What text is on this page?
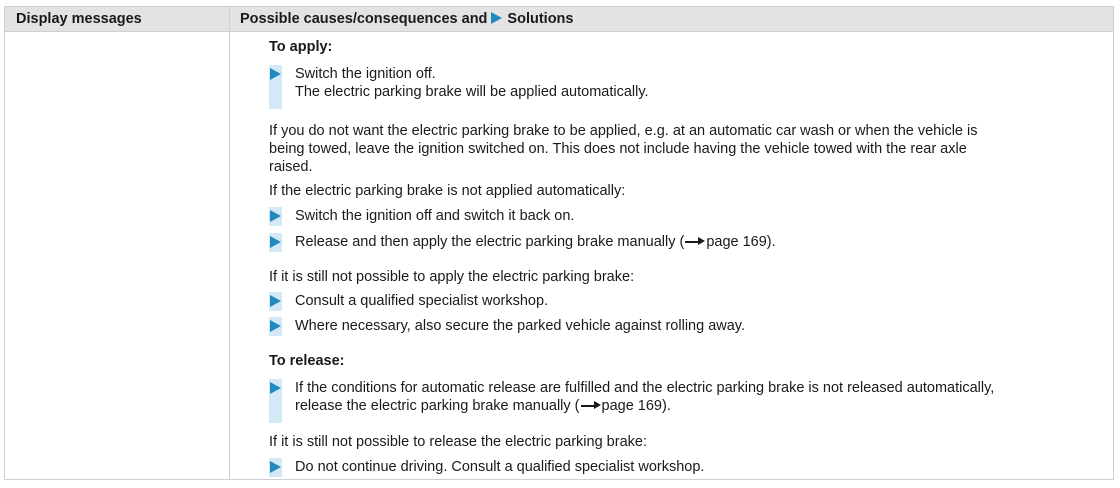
Display messages	Possible causes/consequences and Solutions
To apply:
Switch the ignition off.
The electric parking brake will be applied automatically.
If you do not want the electric parking brake to be applied, e.g. at an automatic car wash or when the vehicle is
being towed, leave the ignition switched on. This does not include having the vehicle towed with the rear axle
raised.
If the electric parking brake is not applied automatically:
Switch the ignition off and switch it back on.
Release and then apply the electric parking brake manually ( page 169).
If it is still not possible to apply the electric parking brake:
Consult a qualified specialist workshop.
Where necessary, also secure the parked vehicle against rolling away.
To release:
If the conditions for automatic release are fulfilled and the electric parking brake is not released automatically,
release the electric parking brake manually ( page 169).
If it is still not possible to release the electric parking brake:
Do not continue driving. Consult a qualified specialist workshop.
